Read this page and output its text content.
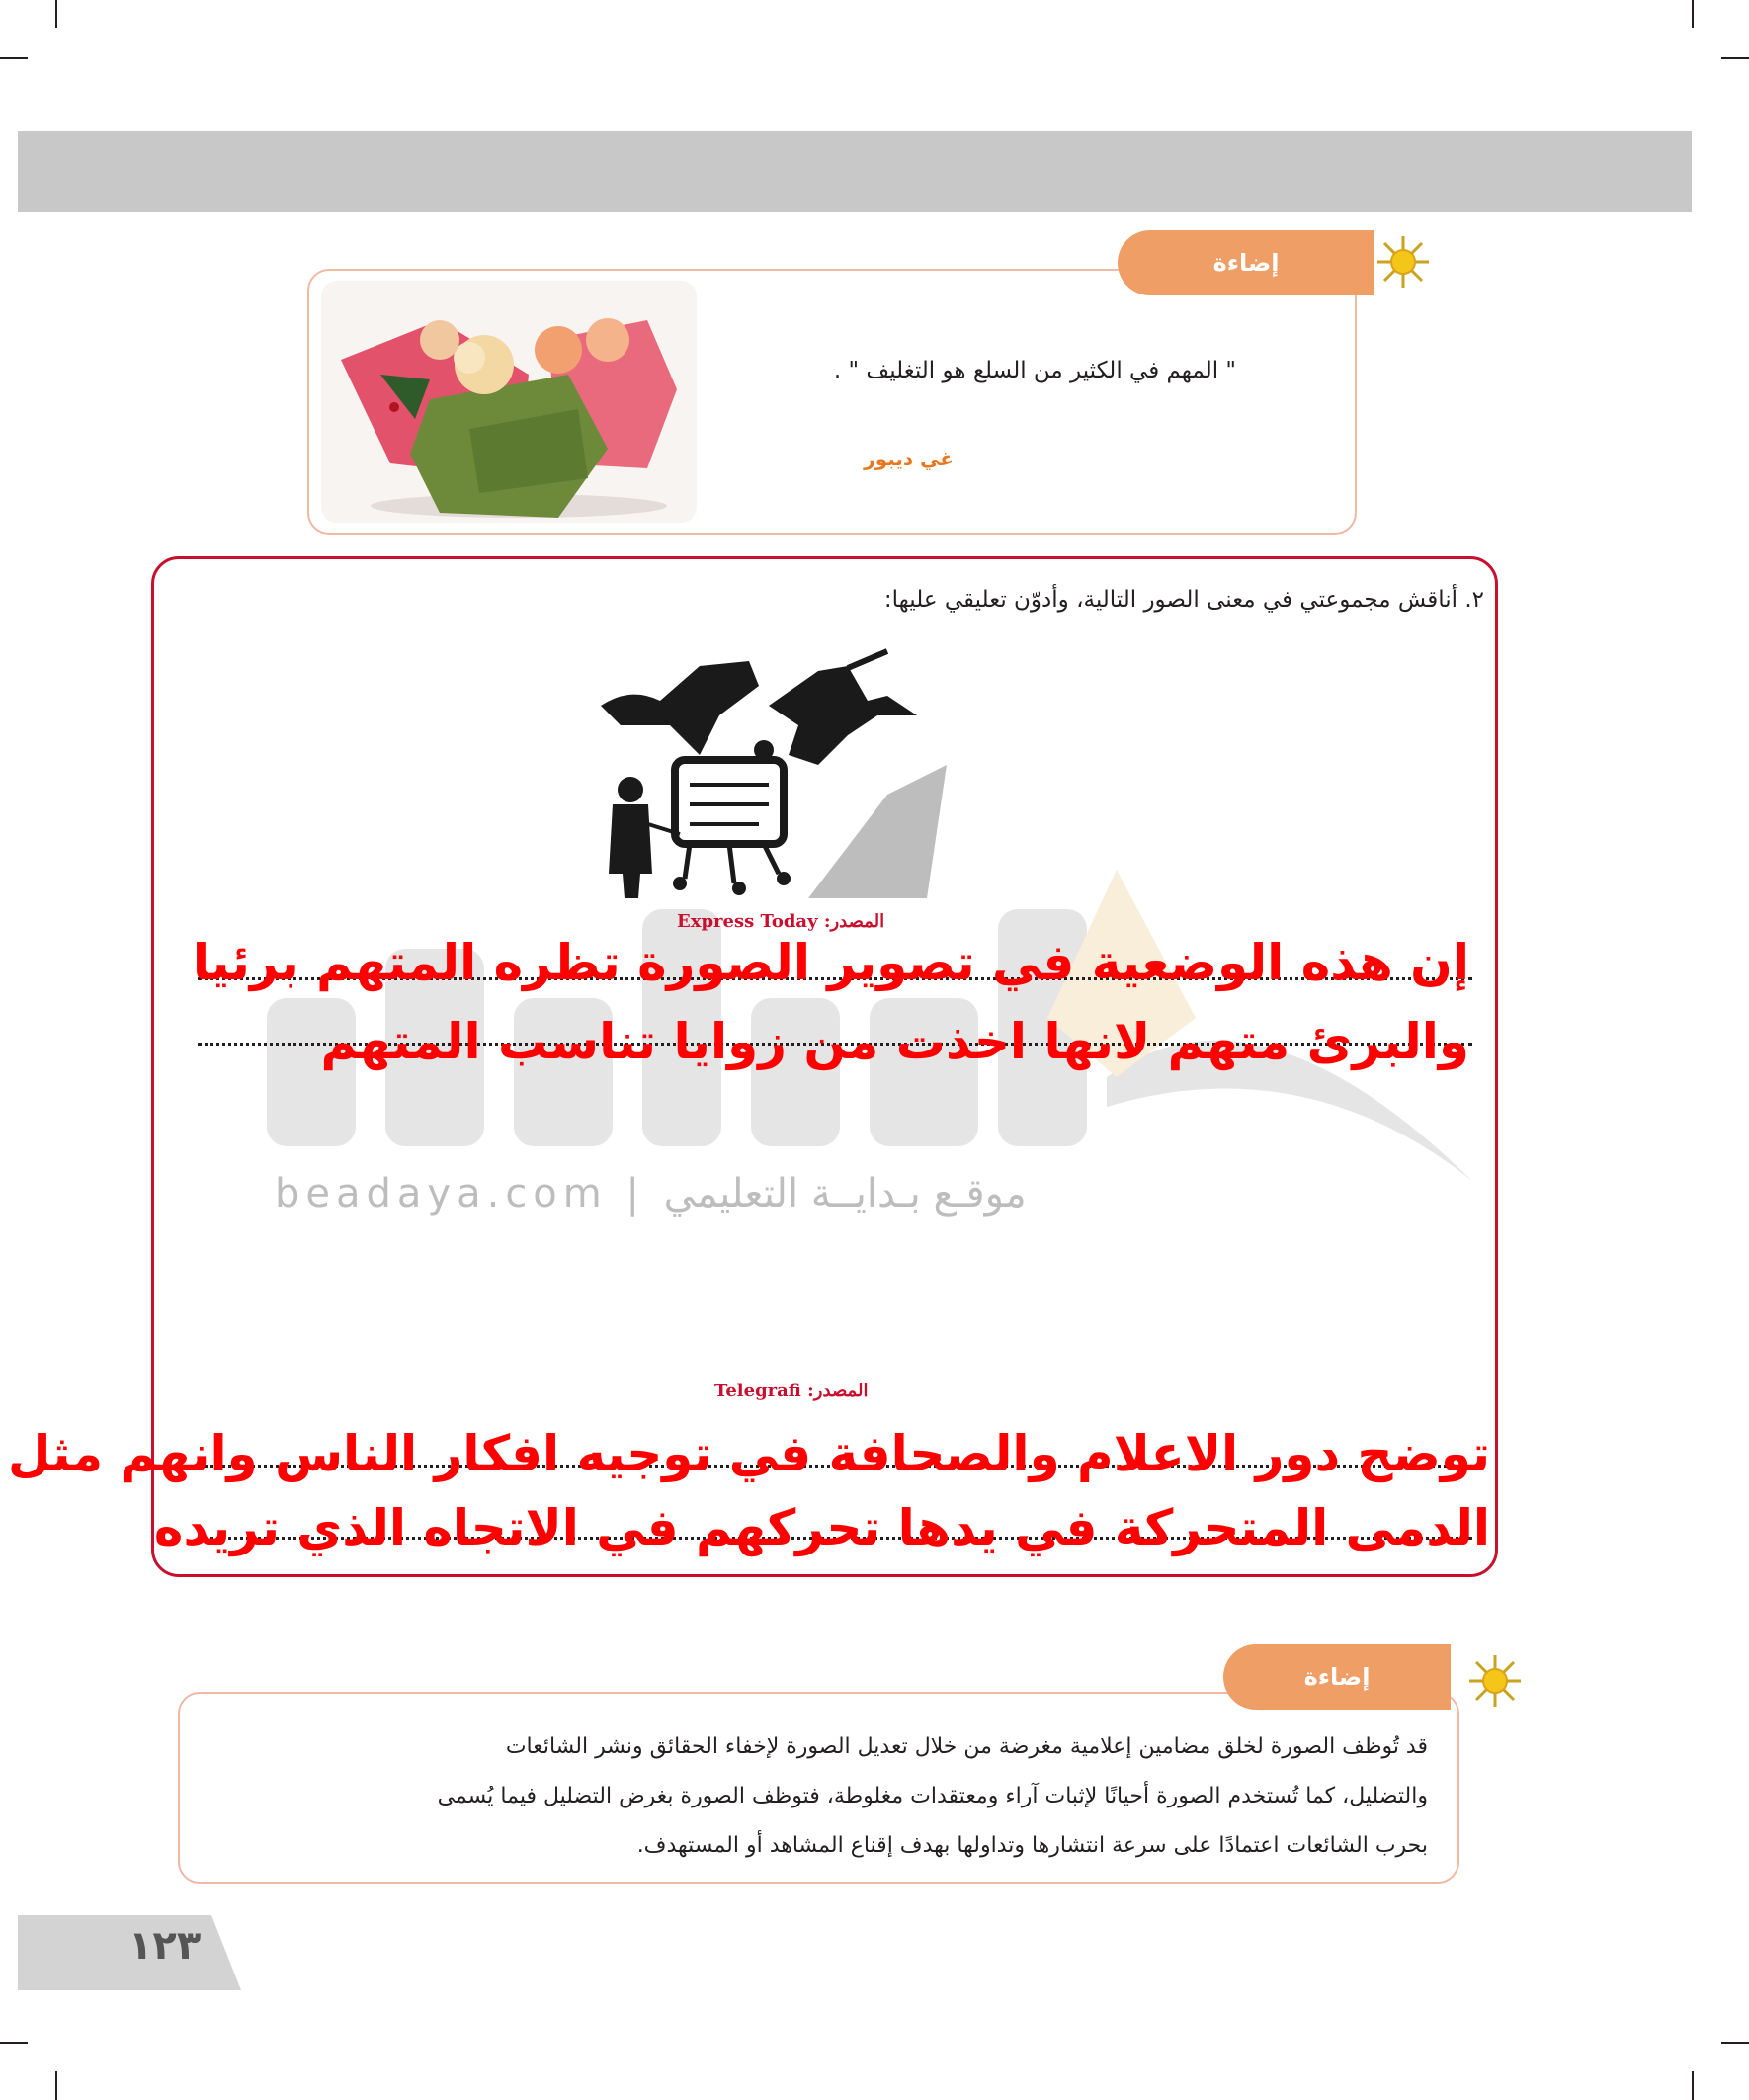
" المهم في الكثير من السلع هو التغليف " .
غي ديبور
إضاءة
beadaya.com | موقـع بـدايــة التعليمي
٢. أناقش مجموعتي في معنى الصور التالية، وأدوّن تعليقي عليها:
المصدر: Express Today
إن هذه الوضعية في تصوير الصورة تظره المتهم برئيا
والبرئ متهم لانها اخذت من زوايا تناسب المتهم
المصدر: Telegrafi
توضح دور الاعلام والصحافة في توجيه افكار الناس وانهم مثل
الدمى المتحركة في يدها تحركهم في الاتجاه الذي تريده
قد تُوظف الصورة لخلق مضامين إعلامية مغرضة من خلال تعديل الصورة لإخفاء الحقائق ونشر الشائعات
والتضليل، كما تُستخدم الصورة أحيانًا لإثبات آراء ومعتقدات مغلوطة، فتوظف الصورة بغرض التضليل فيما يُسمى
بحرب الشائعات اعتمادًا على سرعة انتشارها وتداولها بهدف إقناع المشاهد أو المستهدف.
إضاءة
١٢٣
